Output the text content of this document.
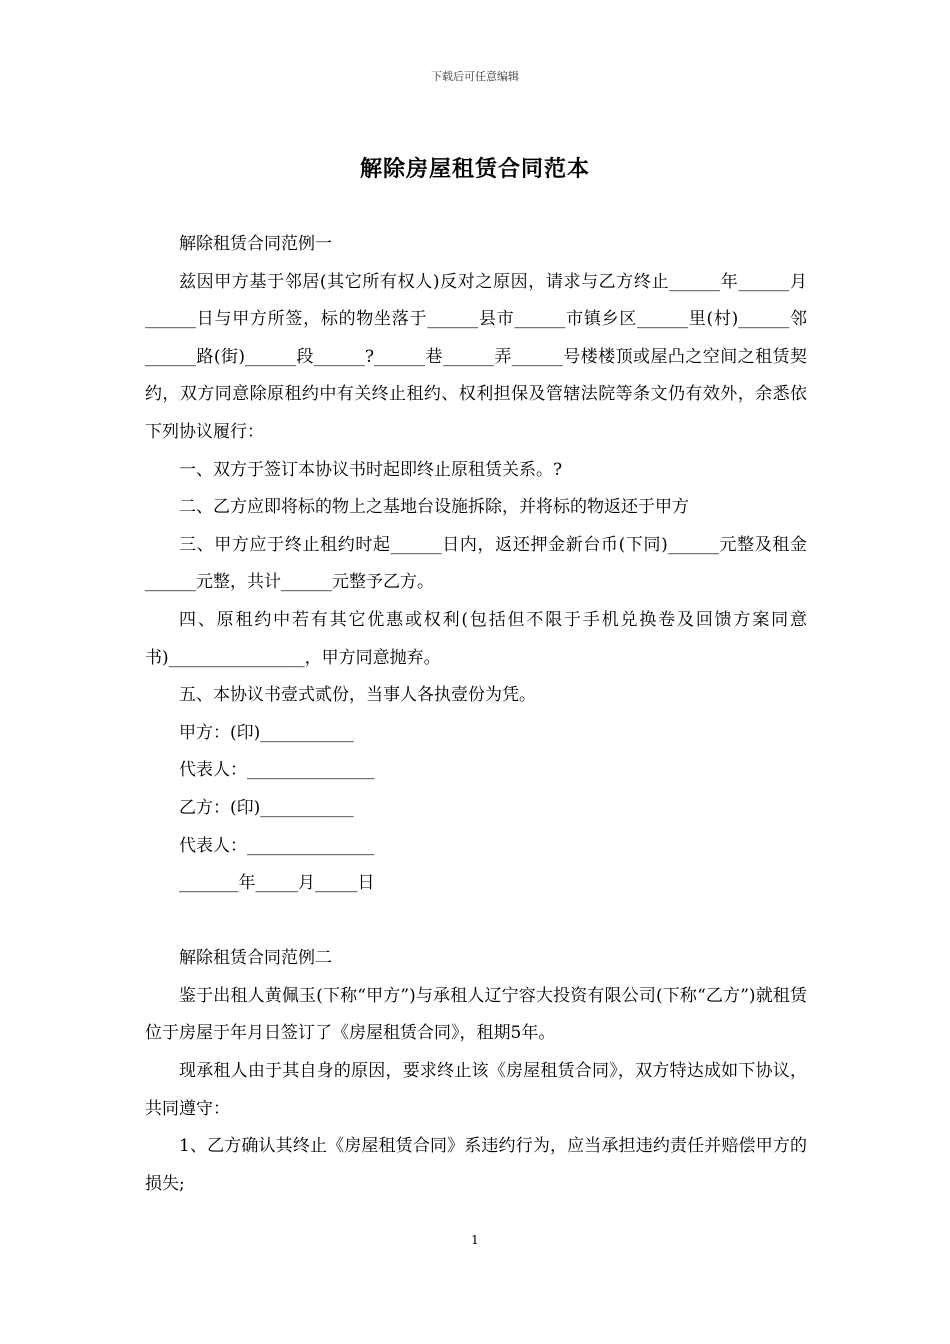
下载后可任意编辑
解除房屋租赁合同范本

解除租赁合同范例一

兹因甲方基于邻居(其它所有权人)反对之原因，请求与乙方终止______年______月______日与甲方所签，标的物坐落于______县市______市镇乡区______里(村)______邻______路(街)______段______?______巷______弄______号楼楼顶或屋凸之空间之租赁契约，双方同意除原租约中有关终止租约、权利担保及管辖法院等条文仍有效外，余悉依下列协议履行：

一、双方于签订本协议书时起即终止原租赁关系。?

二、乙方应即将标的物上之基地台设施拆除，并将标的物返还于甲方

三、甲方应于终止租约时起______日内，返还押金新台币(下同)______元整及租金______元整，共计______元整予乙方。

四、原租约中若有其它优惠或权利(包括但不限于手机兑换卷及回馈方案同意书)________________，甲方同意抛弃。

五、本协议书壹式贰份，当事人各执壹份为凭。

甲方：(印)___________

代表人：_______________

乙方：(印)___________

代表人：_______________

_______年_____月_____日

解除租赁合同范例二

鉴于出租人黄佩玉(下称“甲方”)与承租人辽宁容大投资有限公司(下称“乙方”)就租赁位于房屋于年月日签订了《房屋租赁合同》，租期5年。

现承租人由于其自身的原因，要求终止该《房屋租赁合同》，双方特达成如下协议，共同遵守：

1、乙方确认其终止《房屋租赁合同》系违约行为，应当承担违约责任并赔偿甲方的损失;

1
